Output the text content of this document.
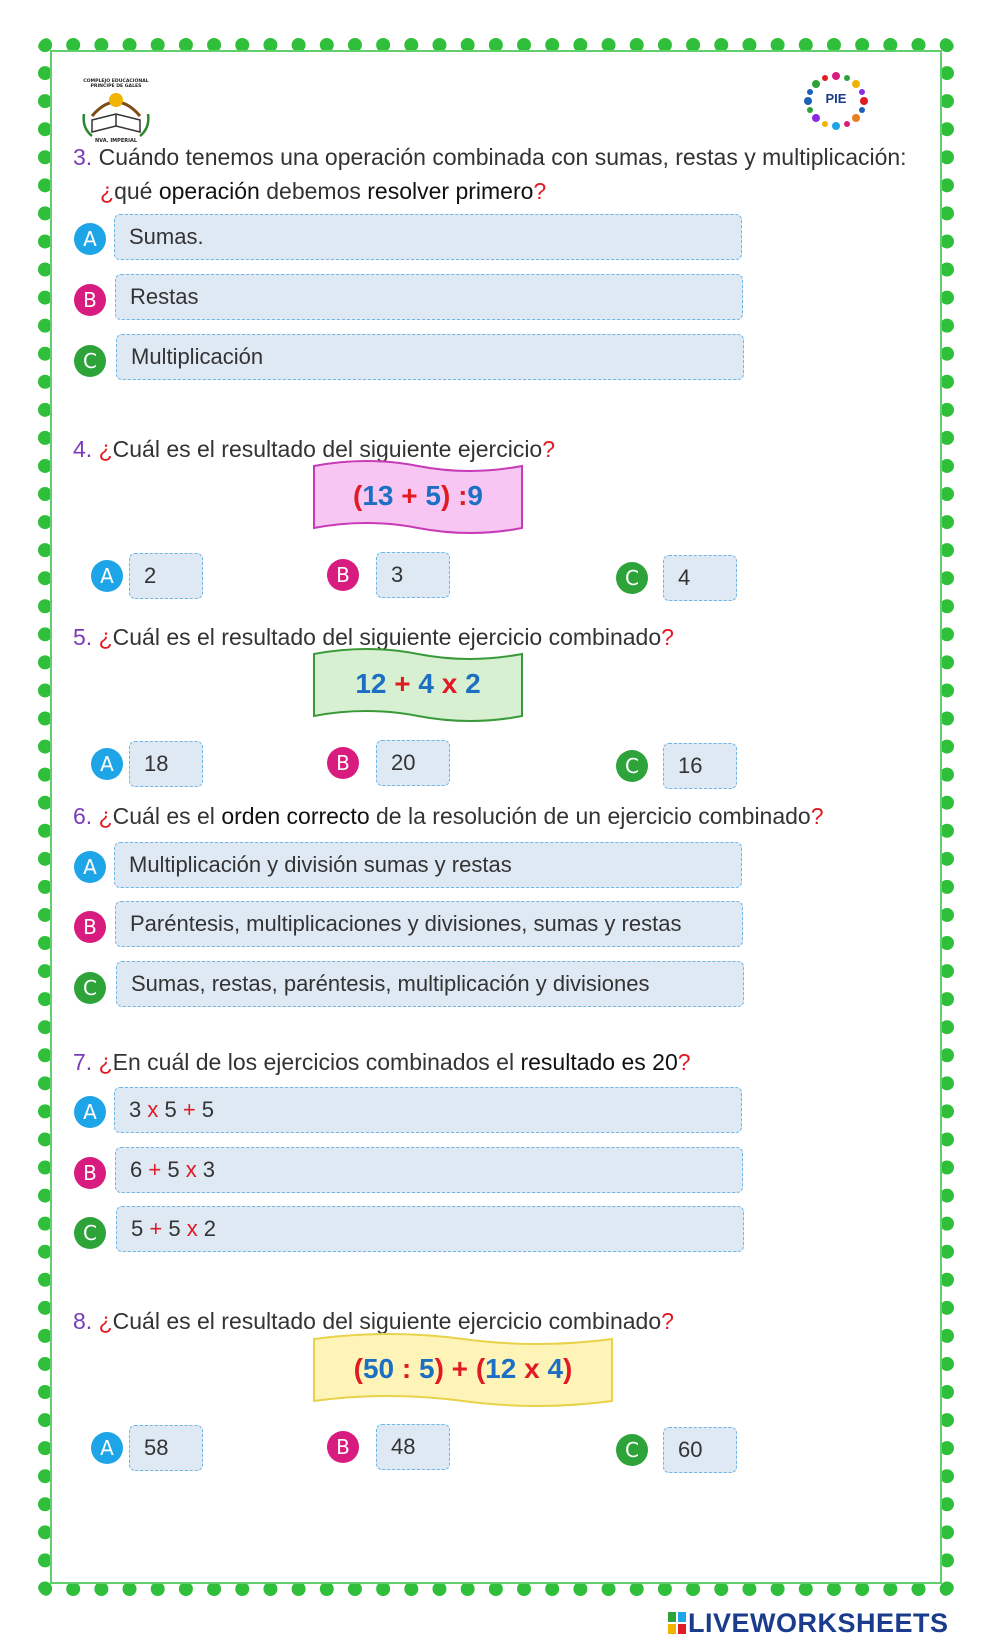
COMPLEJO EDUCACIONAL
PRINCIPE DE GALES
NVA. IMPERIAL
PIE
3. Cuándo tenemos una operación combinada con sumas, restas y multiplicación:
¿qué operación debemos resolver primero?
A	Sumas.
B	Restas
C	Multiplicación
4. ¿Cuál es el resultado del siguiente ejercicio?
(13 + 5) :9
A	2	B	3	C	4
5. ¿Cuál es el resultado del siguiente ejercicio combinado?
12 + 4 x 2
A	18	B	20	C	16
6. ¿Cuál es el orden correcto de la resolución de un ejercicio combinado?
A	Multiplicación y división sumas y restas
B	Paréntesis, multiplicaciones y divisiones, sumas y restas
C	Sumas, restas, paréntesis, multiplicación y divisiones
7. ¿En cuál de los ejercicios combinados el resultado es 20?
A	3 x 5 + 5
B	6 + 5 x 3
C	5 + 5 x 2
8. ¿Cuál es el resultado del siguiente ejercicio combinado?
(50 : 5) + (12 x 4)
A	58	B	48	C	60
LIVEWORKSHEETS
